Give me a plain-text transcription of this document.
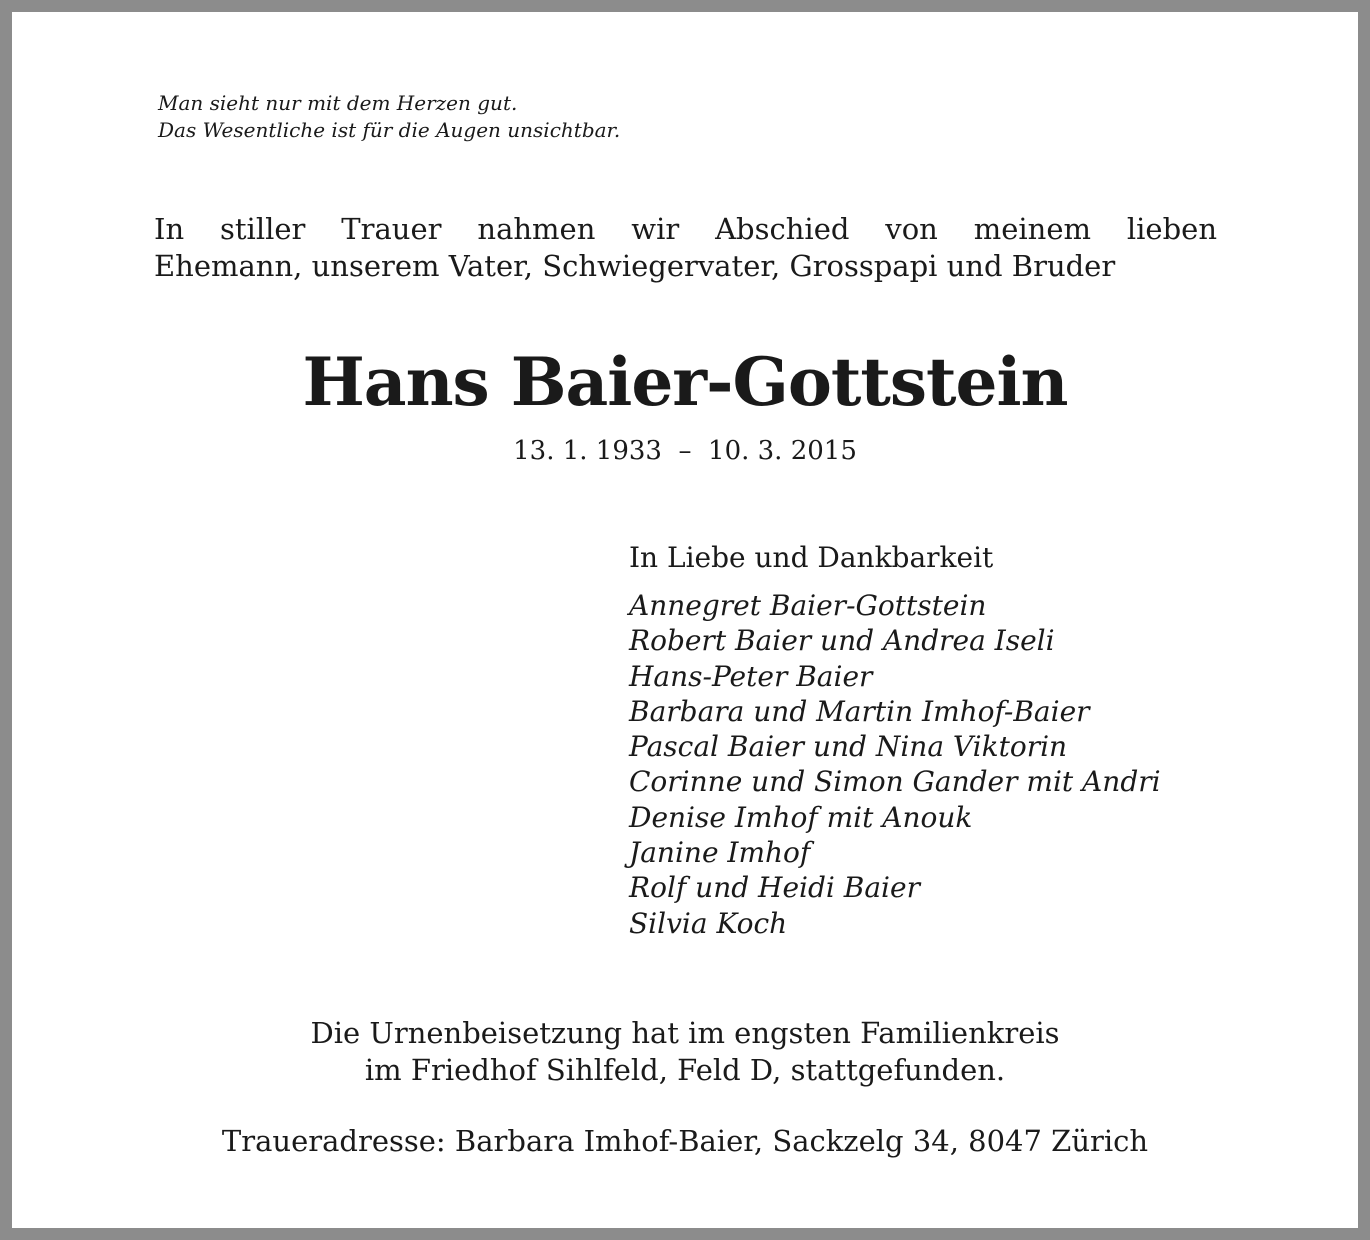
Man sieht nur mit dem Herzen gut.
Das Wesentliche ist für die Augen unsichtbar.
In stiller Trauer nahmen wir Abschied von meinem lieben
Ehemann, unserem Vater, Schwiegervater, Grosspapi und Bruder
Hans Baier-Gottstein
13. 1. 1933  –  10. 3. 2015
In Liebe und Dankbarkeit
Annegret Baier-Gottstein
Robert Baier und Andrea Iseli
Hans-Peter Baier
Barbara und Martin Imhof-Baier
Pascal Baier und Nina Viktorin
Corinne und Simon Gander mit Andri
Denise Imhof mit Anouk
Janine Imhof
Rolf und Heidi Baier
Silvia Koch
Die Urnenbeisetzung hat im engsten Familienkreis
im Friedhof Sihlfeld, Feld D, stattgefunden.
Traueradresse: Barbara Imhof-Baier, Sackzelg 34, 8047 Zürich
